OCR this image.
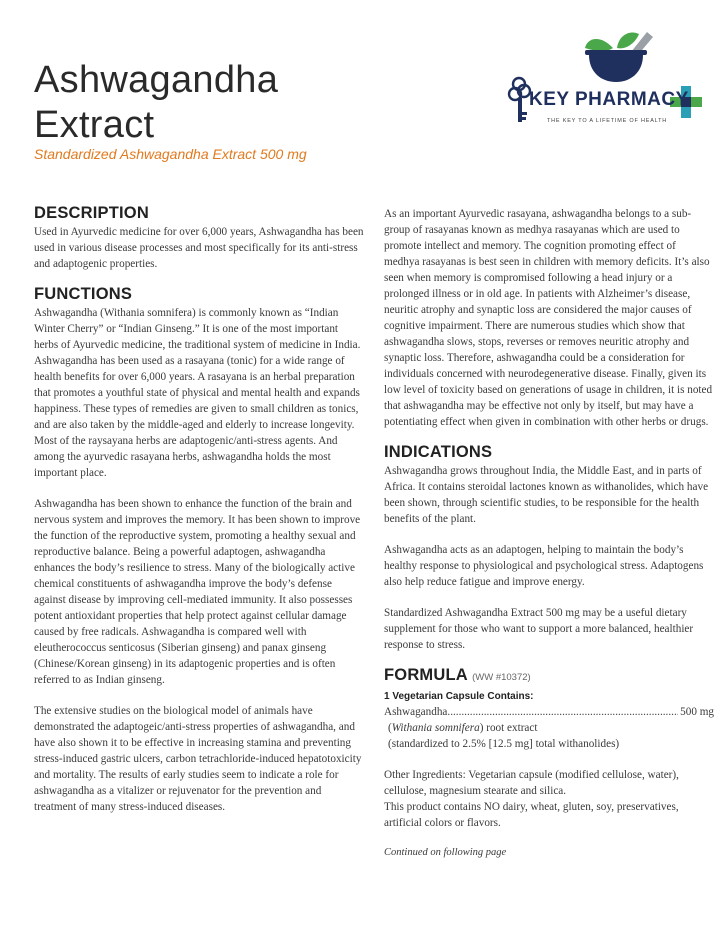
Ashwagandha
Extract
Standardized Ashwagandha Extract 500 mg
KEY PHARMACY
THE KEY TO A LIFETIME OF HEALTH
DESCRIPTION

Used in Ayurvedic medicine for over 6,000 years, Ashwagandha has been used in various disease processes and most specifically for its anti-stress and adaptogenic properties.

FUNCTIONS

Ashwagandha (Withania somnifera) is commonly known as “Indian Winter Cherry” or “Indian Ginseng.” It is one of the most important herbs of Ayurvedic medicine, the traditional system of medicine in India. Ashwagandha has been used as a rasayana (tonic) for a wide range of health benefits for over 6,000 years. A rasayana is an herbal preparation that promotes a youthful state of physical and mental health and expands happiness. These types of remedies are given to small children as tonics, and are also taken by the middle-aged and elderly to increase longevity. Most of the raysayana herbs are adaptogenic/anti-stress agents. And among the ayurvedic rasayana herbs, ashwagandha holds the most important place.

Ashwagandha has been shown to enhance the function of the brain and nervous system and improves the memory. It has been shown to improve the function of the reproductive system, promoting a healthy sexual and reproductive balance. Being a powerful adaptogen, ashwagandha enhances the body’s resilience to stress. Many of the biologically active chemical constituents of ashwagandha improve the body’s defense against disease by improving cell-mediated immunity. It also possesses potent antioxidant properties that help protect against cellular damage caused by free radicals. Ashwagandha is compared well with eleutherococcus senticosus (Siberian ginseng) and panax ginseng (Chinese/Korean ginseng) in its adaptogenic properties and is often referred to as Indian ginseng.

The extensive studies on the biological model of animals have demonstrated the adaptogeic/anti-stress properties of ashwagandha, and have also shown it to be effective in increasing stamina and preventing stress-induced gastric ulcers, carbon tetrachloride-induced hepatotoxicity and mortality. The results of early studies seem to indicate a role for ashwagandha as a vitalizer or rejuvenator for the prevention and treatment of many stress-induced diseases.

As an important Ayurvedic rasayana, ashwagandha belongs to a sub-group of rasayanas known as medhya rasayanas which are used to promote intellect and memory. The cognition promoting effect of medhya rasayanas is best seen in children with memory deficits. It’s also seen when memory is compromised following a head injury or a prolonged illness or in old age. In patients with Alzheimer’s disease, neuritic atrophy and synaptic loss are considered the major causes of cognitive impairment. There are numerous studies which show that ashwagandha slows, stops, reverses or removes neuritic atrophy and synaptic loss. Therefore, ashwagandha could be a consideration for individuals concerned with neurodegenerative disease. Finally, given its low level of toxicity based on generations of usage in children, it is noted that ashwagandha may be effective not only by itself, but may have a potentiating effect when given in combination with other herbs or drugs.

INDICATIONS

Ashwagandha grows throughout India, the Middle East, and in parts of Africa. It contains steroidal lactones known as withanolides, which have been shown, through scientific studies, to be responsible for the health benefits of the plant.

Ashwagandha acts as an adaptogen, helping to maintain the body’s healthy response to physiological and psychological stress. Adaptogens also help reduce fatigue and improve energy.

Standardized Ashwagandha Extract 500 mg may be a useful dietary supplement for those who want to support a more balanced, healthier response to stress.

FORMULA (WW #10372)
1 Vegetarian Capsule Contains:
Ashwagandha
.....	500 mg
(Withania somnifera) root extract
(standardized to 2.5% [12.5 mg] total withanolides)

Other Ingredients: Vegetarian capsule (modified cellulose, water), cellulose, magnesium stearate and silica.

This product contains NO dairy, wheat, gluten, soy, preservatives, artificial colors or flavors.

Continued on following page
